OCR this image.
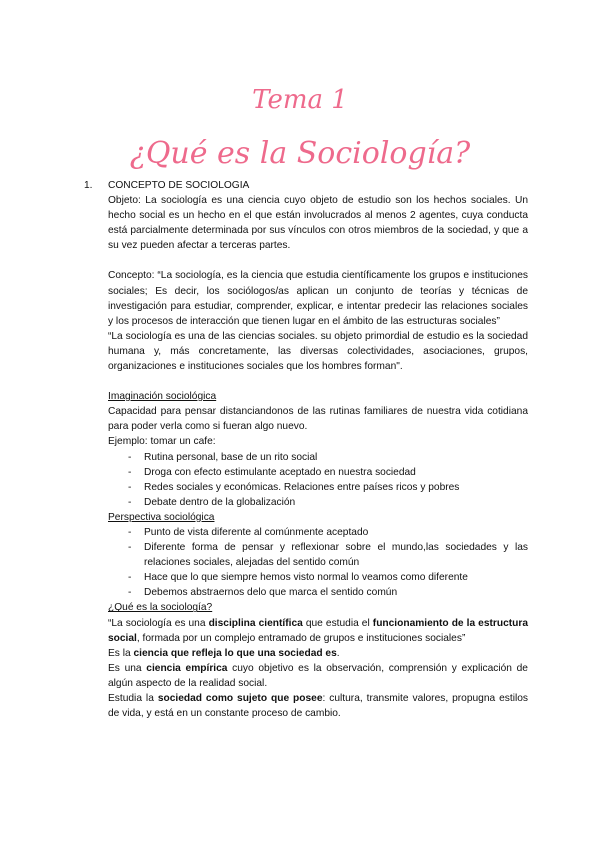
Tema 1
¿Qué es la Sociología?

1. CONCEPTO DE SOCIOLOGIA

Objeto: La sociología es una ciencia cuyo objeto de estudio son los hechos sociales. Un hecho social es un hecho en el que están involucrados al menos 2 agentes, cuya conducta está parcialmente determinada por sus vínculos con otros miembros de la sociedad, y que a su vez pueden afectar a terceras partes.

Concepto: “La sociología, es la ciencia que estudia científicamente los grupos e instituciones sociales; Es decir, los sociólogos/as aplican un conjunto de teorías y técnicas de investigación para estudiar, comprender, explicar, e intentar predecir las relaciones sociales y los procesos de interacción que tienen lugar en el ámbito de las estructuras sociales”

“La sociología es una de las ciencias sociales. su objeto primordial de estudio es la sociedad humana y, más concretamente, las diversas colectividades, asociaciones, grupos, organizaciones e instituciones sociales que los hombres forman".

Imaginación sociológica

Capacidad para pensar distanciandonos de las rutinas familiares de nuestra vida cotidiana para poder verla como si fueran algo nuevo.

Ejemplo: tomar un cafe:

- Rutina personal, base de un rito social
- Droga con efecto estimulante aceptado en nuestra sociedad
- Redes sociales y económicas. Relaciones entre países ricos y pobres
- Debate dentro de la globalización

Perspectiva sociológica

- Punto de vista diferente al comúnmente aceptado
- Diferente forma de pensar y reflexionar sobre el mundo,las sociedades y las relaciones sociales, alejadas del sentido común
- Hace que lo que siempre hemos visto normal lo veamos como diferente
- Debemos abstraernos delo que marca el sentido común

¿Qué es la sociología?

“La sociología es una disciplina científica que estudia el funcionamiento de la estructura social, formada por un complejo entramado de grupos e instituciones sociales”

Es la ciencia que refleja lo que una sociedad es.

Es una ciencia empírica cuyo objetivo es la observación, comprensión y explicación de algún aspecto de la realidad social.

Estudia la sociedad como sujeto que posee: cultura, transmite valores, propugna estilos de vida, y está en un constante proceso de cambio.
